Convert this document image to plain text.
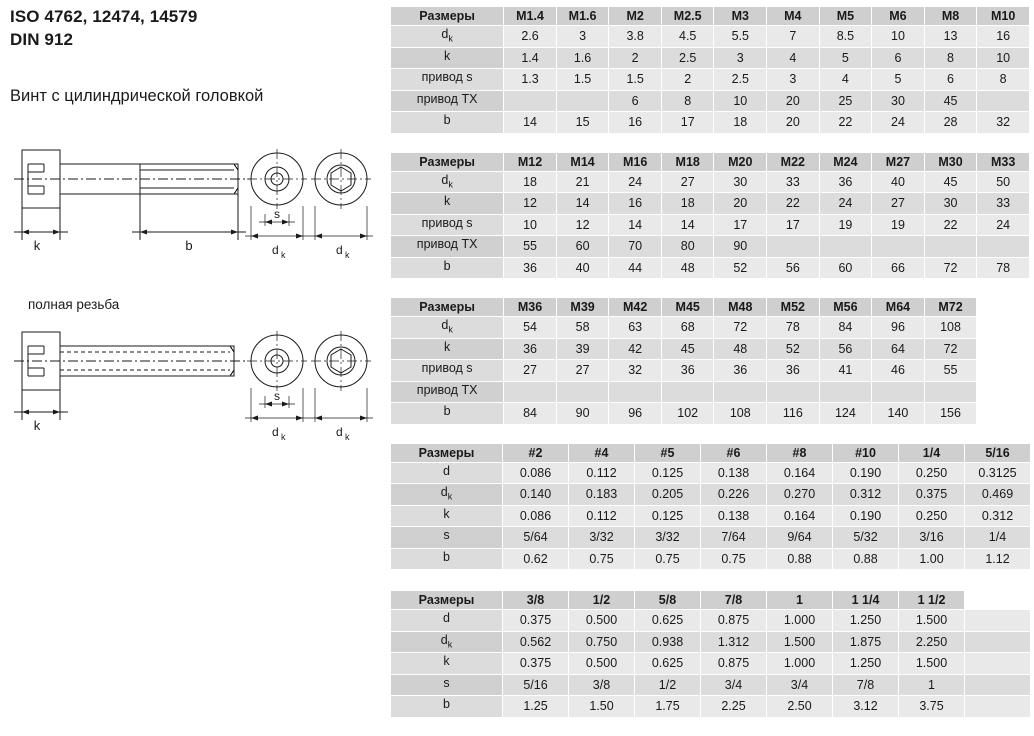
ISO 4762, 12474, 14579
DIN 912
Винт с цилиндрической головкой
k	b
s
d k	d k
полная резьба
k
s
d k	d k
Размеры	M1.4	M1.6	M2	M2.5	M3	M4	M5	M6	M8	M10
$d_k$	2.6	3	3.8	4.5	5.5	7	8.5	10	13	16
k	1.4	1.6	2	2.5	3	4	5	6	8	10
привод s	1.3	1.5	1.5	2	2.5	3	4	5	6	8
привод ТХ			6	8	10	20	25	30	45	
b	14	15	16	17	18	20	22	24	28	32
Размеры	M12	M14	M16	M18	M20	M22	M24	M27	M30	M33
$d_k$	18	21	24	27	30	33	36	40	45	50
k	12	14	16	18	20	22	24	27	30	33
привод s	10	12	14	14	17	17	19	19	22	24
привод ТХ	55	60	70	80	90					
b	36	40	44	48	52	56	60	66	72	78
Размеры	M36	M39	M42	M45	M48	M52	M56	M64	M72	
$d_k$	54	58	63	68	72	78	84	96	108	
k	36	39	42	45	48	52	56	64	72	
привод s	27	27	32	36	36	36	41	46	55	
привод ТХ										
b	84	90	96	102	108	116	124	140	156	
Размеры	#2	#4	#5	#6	#8	#10	1/4	5/16
d	0.086	0.112	0.125	0.138	0.164	0.190	0.250	0.3125
$d_k$	0.140	0.183	0.205	0.226	0.270	0.312	0.375	0.469
k	0.086	0.112	0.125	0.138	0.164	0.190	0.250	0.312
s	5/64	3/32	3/32	7/64	9/64	5/32	3/16	1/4
b	0.62	0.75	0.75	0.75	0.88	0.88	1.00	1.12
Размеры	3/8	1/2	5/8	7/8	1	1 1/4	1 1/2	
d	0.375	0.500	0.625	0.875	1.000	1.250	1.500	
$d_k$	0.562	0.750	0.938	1.312	1.500	1.875	2.250	
k	0.375	0.500	0.625	0.875	1.000	1.250	1.500	
s	5/16	3/8	1/2	3/4	3/4	7/8	1	
b	1.25	1.50	1.75	2.25	2.50	3.12	3.75	
